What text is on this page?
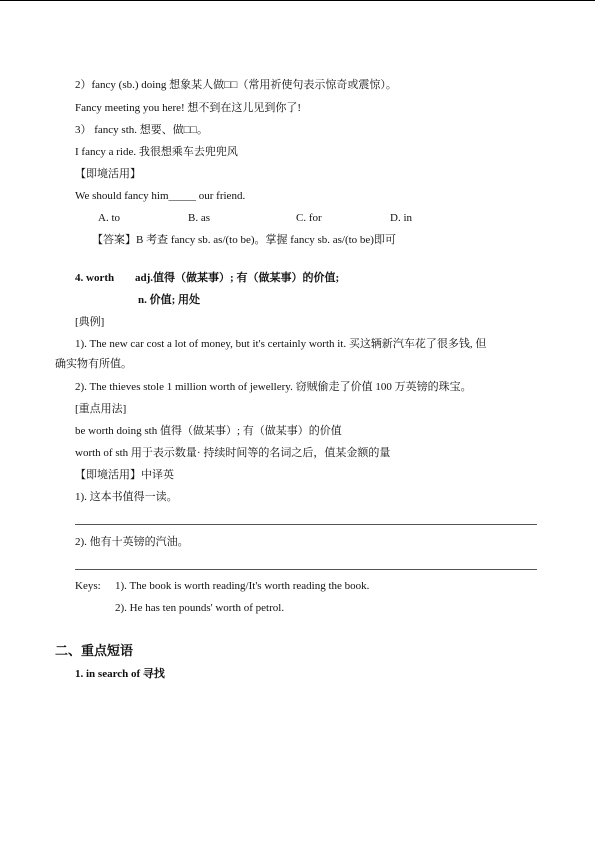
2）fancy (sb.) doing 想象某人做□□（常用祈使句表示惊奇或震惊）。
Fancy meeting you here! 想不到在这儿见到你了!
3） fancy sth. 想要、做□□。
I fancy a ride. 我很想乘车去兜兜风
【即境活用】
We should fancy him_____ our friend.
A. to	B. as	C. for	D. in
【答案】B 考查 fancy sb. as/(to be)。掌握 fancy sb. as/(to be)即可
4. worth adj.值得（做某事）; 有（做某事）的价值;
n. 价值; 用处
[典例]
1). The new car cost a lot of money, but it's certainly worth it. 买这辆新汽车花了很多钱, 但
确实物有所值。
2). The thieves stole 1 million worth of jewellery. 窃贼偷走了价值 100 万英镑的珠宝。
[重点用法]
be worth doing sth 值得（做某事）; 有（做某事）的价值
worth of sth 用于表示数量· 持续时间等的名词之后，值某金额的量
【即境活用】中译英
1). 这本书值得一读。
2). 他有十英镑的汽油。
Keys: 1). The book is worth reading/It's worth reading the book.
2). He has ten pounds' worth of petrol.
二、重点短语
1. in search of 寻找
